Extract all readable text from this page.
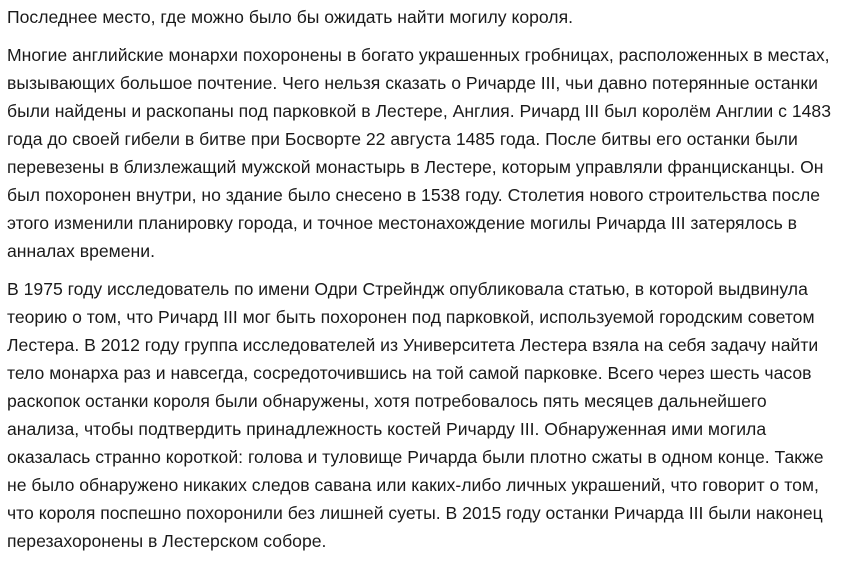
Последнее место, где можно было бы ожидать найти могилу короля.

Многие английские монархи похоронены в богато украшенных гробницах, расположенных в местах, вызывающих большое почтение. Чего нельзя сказать о Ричарде III, чьи давно потерянные останки были найдены и раскопаны под парковкой в Лестере, Англия. Ричард III был королём Англии с 1483 года до своей гибели в битве при Босворте 22 августа 1485 года. После битвы его останки были перевезены в близлежащий мужской монастырь в Лестере, которым управляли францисканцы. Он был похоронен внутри, но здание было снесено в 1538 году. Столетия нового строительства после этого изменили планировку города, и точное местонахождение могилы Ричарда III затерялось в анналах времени.

В 1975 году исследователь по имени Одри Стрейндж опубликовала статью, в которой выдвинула теорию о том, что Ричард III мог быть похоронен под парковкой, используемой городским советом Лестера. В 2012 году группа исследователей из Университета Лестера взяла на себя задачу найти тело монарха раз и навсегда, сосредоточившись на той самой парковке. Всего через шесть часов раскопок останки короля были обнаружены, хотя потребовалось пять месяцев дальнейшего анализа, чтобы подтвердить принадлежность костей Ричарду III. Обнаруженная ими могила оказалась странно короткой: голова и туловище Ричарда были плотно сжаты в одном конце. Также не было обнаружено никаких следов савана или каких-либо личных украшений, что говорит о том, что короля поспешно похоронили без лишней суеты. В 2015 году останки Ричарда III были наконец перезахоронены в Лестерском соборе.
